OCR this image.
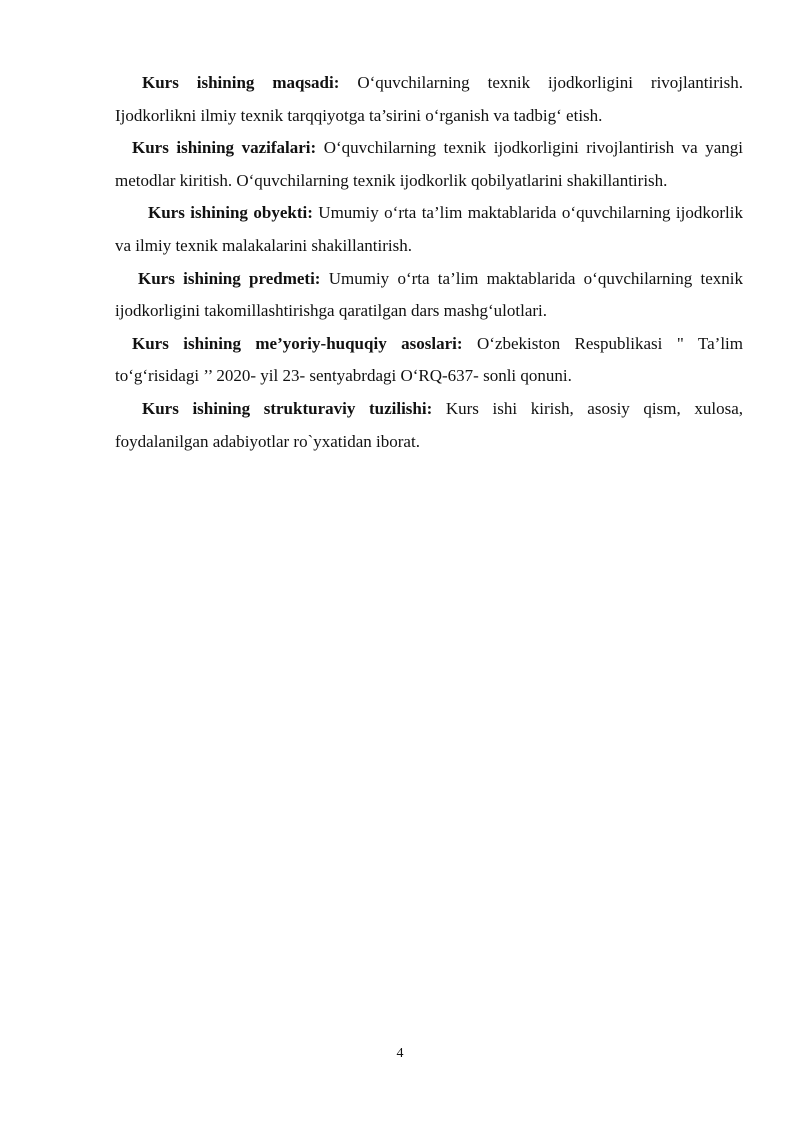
Kurs ishining maqsadi: O‘quvchilarning texnik ijodkorligini rivojlantirish. Ijodkorlikni ilmiy texnik tarqqiyotga ta’sirini o‘rganish va tadbig‘ etish.

Kurs ishining vazifalari: O‘quvchilarning texnik ijodkorligini rivojlantirish va yangi metodlar kiritish. O‘quvchilarning texnik ijodkorlik qobilyatlarini shakillantirish.

Kurs ishining obyekti: Umumiy o‘rta ta’lim maktablarida o‘quvchilarning ijodkorlik va ilmiy texnik malakalarini shakillantirish.

Kurs ishining predmeti: Umumiy o‘rta ta’lim maktablarida o‘quvchilarning texnik ijodkorligini takomillashtirishga qaratilgan dars mashg‘ulotlari.

Kurs ishining me’yoriy-huquqiy asoslari: O‘zbekiston Respublikasi " Ta’lim to‘g‘risidagi ’’ 2020- yil 23- sentyabrdagi O‘RQ-637- sonli qonuni.

Kurs ishining strukturaviy tuzilishi: Kurs ishi kirish, asosiy qism, xulosa, foydalanilgan adabiyotlar ro`yxatidan iborat.

4
